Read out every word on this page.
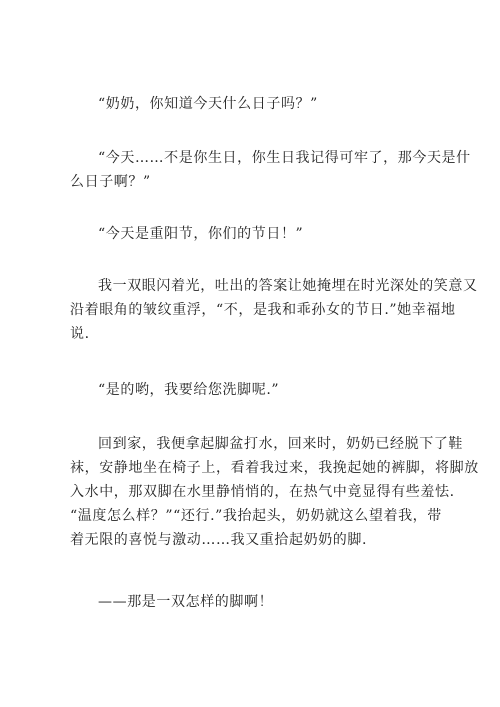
“奶奶，你知道今天什么日子吗？”

“今天……不是你生日，你生日我记得可牢了，那今天是什
么日子啊？”

“今天是重阳节，你们的节日！”

我一双眼闪着光，吐出的答案让她掩埋在时光深处的笑意又
沿着眼角的皱纹重浮，“不，是我和乖孙女的节日.”她幸福地
说.

“是的哟，我要给您洗脚呢.”

回到家，我便拿起脚盆打水，回来时，奶奶已经脱下了鞋
袜，安静地坐在椅子上，看着我过来，我挽起她的裤脚，将脚放
入水中，那双脚在水里静悄悄的，在热气中竟显得有些羞怯.
“温度怎么样？”“还行.”我抬起头，奶奶就这么望着我，带
着无限的喜悦与激动……我又重拾起奶奶的脚.

——那是一双怎样的脚啊！
